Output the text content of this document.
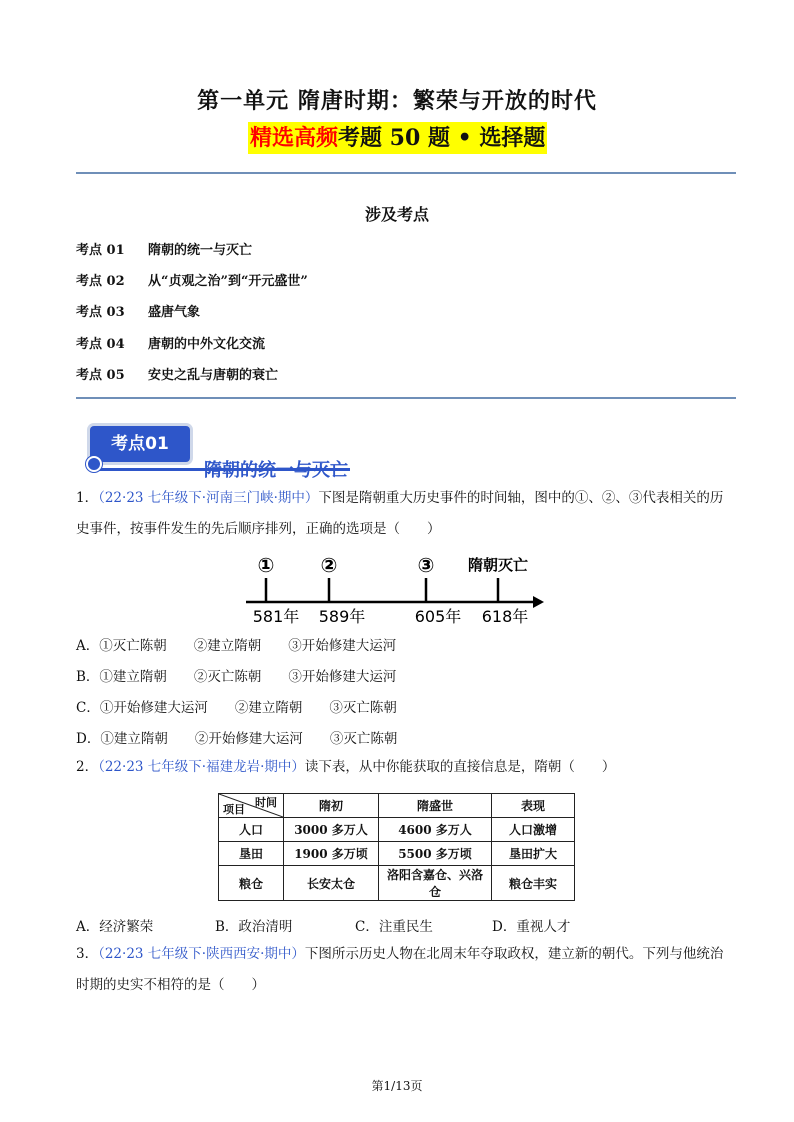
第一单元 隋唐时期：繁荣与开放的时代
精选高频考题 50 题 • 选择题
涉及考点
考点 01 隋朝的统一与灭亡
考点 02 从“贞观之治”到“开元盛世”
考点 03 盛唐气象
考点 04 唐朝的中外文化交流
考点 05 安史之乱与唐朝的衰亡
考点01
隋朝的统一与灭亡
1．（22·23 七年级下·河南三门峡·期中）下图是隋朝重大历史事件的时间轴，图中的①、②、③代表相关的历史事件，按事件发生的先后顺序排列，正确的选项是（　　）
① ②	③ 隋朝灭亡
581年 589年	605年 618年
A．①灭亡陈朝　　②建立隋朝　　③开始修建大运河
B．①建立隋朝　　②灭亡陈朝　　③开始修建大运河
C．①开始修建大运河　　②建立隋朝　　③灭亡陈朝
D．①建立隋朝　　②开始修建大运河　　③灭亡陈朝
2．（22·23 七年级下·福建龙岩·期中）读下表，从中你能获取的直接信息是，隋朝（　　）
时间
项目	隋初	隋盛世	表现
人口	3000 多万人	4600 多万人	人口激增
垦田	1900 多万顷	5500 多万顷	垦田扩大
粮仓	长安太仓	洛阳含嘉仓、兴洛仓	粮仓丰实
A．经济繁荣	B．政治清明	C．注重民生	D．重视人才
3．（22·23 七年级下·陕西西安·期中）下图所示历史人物在北周末年夺取政权，建立新的朝代。下列与他统治时期的史实不相符的是（　　）
第1/13页
